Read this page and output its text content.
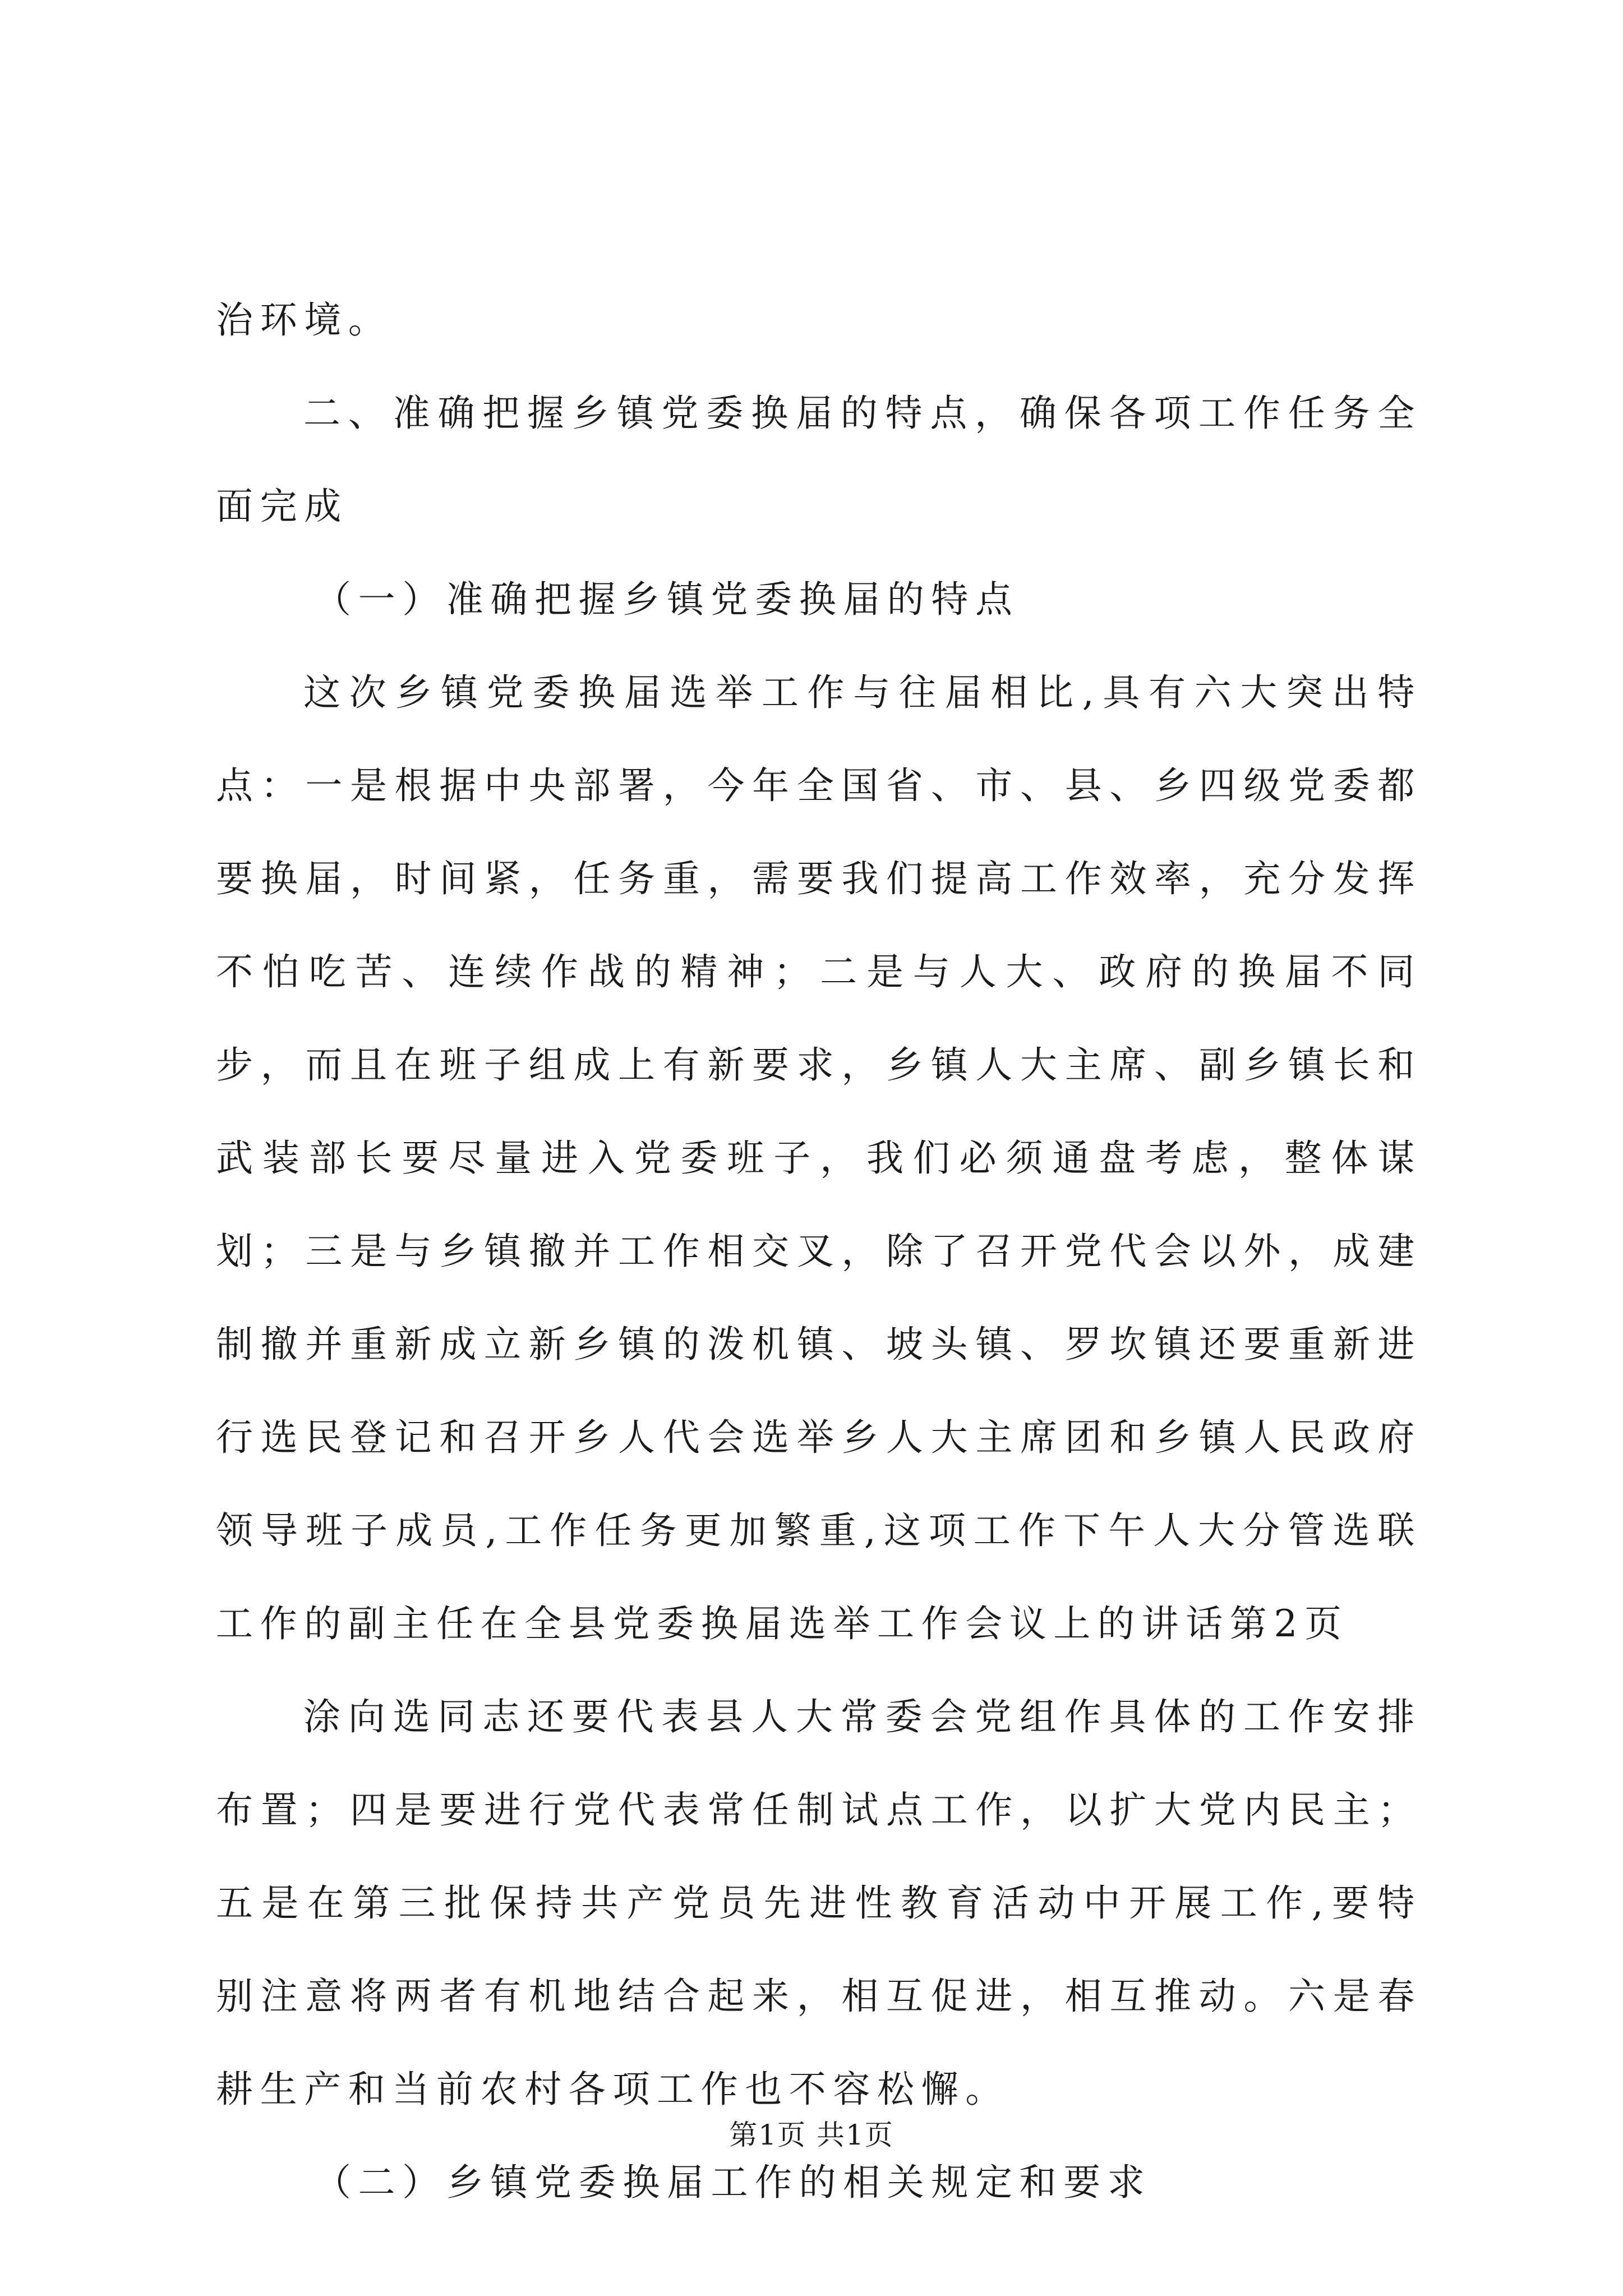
治环境。

二、准确把握乡镇党委换届的特点，确保各项工作任务全面完成

（一）准确把握乡镇党委换届的特点

这次乡镇党委换届选举工作与往届相比,具有六大突出特点：一是根据中央部署，今年全国省、市、县、乡四级党委都要换届，时间紧，任务重，需要我们提高工作效率，充分发挥不怕吃苦、连续作战的精神；二是与人大、政府的换届不同步，而且在班子组成上有新要求，乡镇人大主席、副乡镇长和武装部长要尽量进入党委班子，我们必须通盘考虑，整体谋划；三是与乡镇撤并工作相交叉，除了召开党代会以外，成建制撤并重新成立新乡镇的泼机镇、坡头镇、罗坎镇还要重新进行选民登记和召开乡人代会选举乡人大主席团和乡镇人民政府领导班子成员,工作任务更加繁重,这项工作下午人大分管选联工作的副主任在全县党委换届选举工作会议上的讲话第2页

涂向选同志还要代表县人大常委会党组作具体的工作安排布置；四是要进行党代表常任制试点工作，以扩大党内民主；五是在第三批保持共产党员先进性教育活动中开展工作,要特别注意将两者有机地结合起来，相互促进，相互推动。六是春耕生产和当前农村各项工作也不容松懈。

（二）乡镇党委换届工作的相关规定和要求

第1页 共1页
